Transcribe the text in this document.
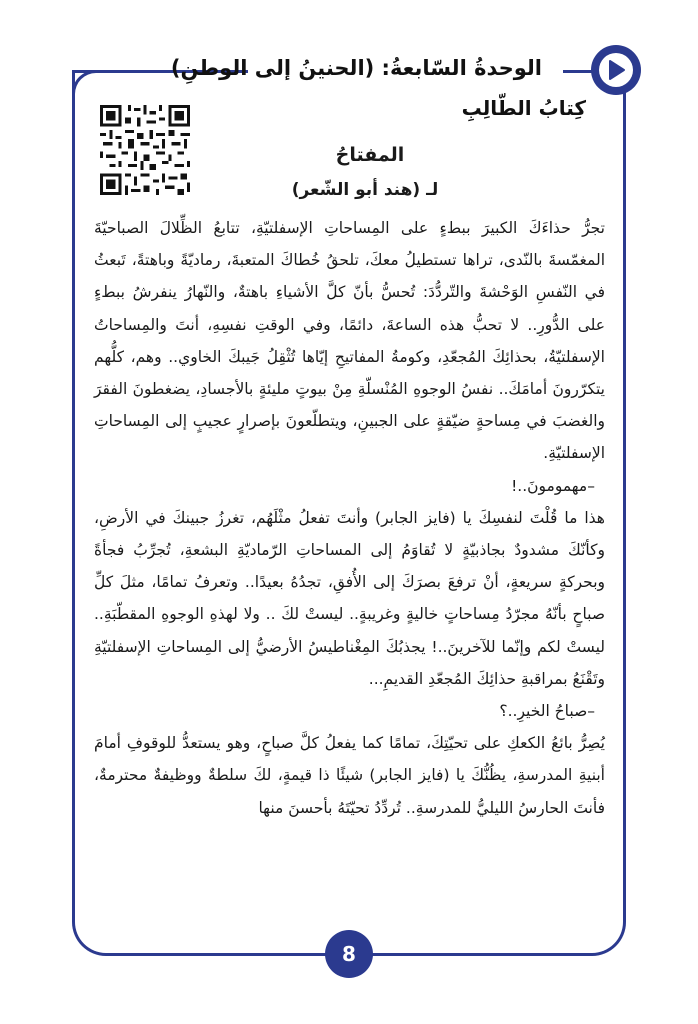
الوحدةُ السّابعةُ: (الحنينُ إلى الوطنِ)
كِتابُ الطّالِبِ
المفتاحُ
لـ (هند أبو الشّعر)

تجرُّ حذاءَكَ الكبيرَ ببطءٍ على المِساحاتِ الإسفلتيّةِ، تتابعُ الظِّلالَ الصباحيّةَ المغمّسةَ بالنّدى، تراها تستطيلُ معكَ، تلحقُ خُطاكَ المتعبةَ، رماديّةً وباهتةً، تَبعثُ في النّفسِ الوَحْشةَ والتّردُّدَ: تُحسُّ بأنّ كلَّ الأشياءِ باهتةٌ، والنّهارُ ينفرشُ ببطءٍ على الدُّورِ.. لا تحبُّ هذه الساعةَ، دائمًا، وفي الوقتِ نفسِهِ، أنتَ والمِساحاتُ الإسفلتيّةُ، بحذائِكَ المُجعّدِ، وكومةُ المفاتيحِ إيّاها تُثْقِلُ جَيبكَ الخاوي.. وهم، كلُّهم يتكرّرونَ أمامَكَ.. نفسُ الوجوهِ المُنْسلّةِ مِنْ بيوتٍ مليئةٍ بالأجسادِ، يضغطونَ الفقرَ والغضبَ في مِساحةٍ ضيّقةٍ على الجبينِ، ويتطلّعونَ بإصرارٍ عجيبٍ إلى المِساحاتِ الإسفلتيّةِ.

–مهمومونَ..!

هذا ما قُلْتَ لنفسِكَ يا (فايز الجابر) وأنتَ تفعلُ مثْلَهُم، تغرزُ جبينكَ في الأرضِ، وكأنّكَ مشدودٌ بجاذبيّةٍ لا تُقاوَمُ إلى المساحاتِ الرّماديّةِ البشعةِ، تُجرِّبُ فجأةً وبحركةٍ سريعةٍ، أنْ ترفعَ بصرَكَ إلى الأُفقِ، تجدُهُ بعيدًا.. وتعرفُ تمامًا، مثلَ كلِّ صباحٍ بأنّهُ مجرّدُ مِساحاتٍ خاليةٍ وغريبةٍ.. ليستْ لكَ .. ولا لهذهِ الوجوهِ المقطّبَةِ.. ليستْ لكم وإنّما للآخرينَ..! يجذبُكَ المِغْناطيسُ الأرضيُّ إلى المِساحاتِ الإسفلتيّةِ وتَقْنَعُ بمراقبةِ حذائِكَ المُجعّدِ القديمِ...

–صباحُ الخيرِ..؟

يُصِرُّ بائعُ الكعكِ على تحيّتِكَ، تمامًا كما يفعلُ كلَّ صباحٍ، وهو يستعدُّ للوقوفِ أمامَ أبنيةِ المدرسةِ، يظُنُّكَ يا (فايز الجابر) شيئًا ذا قيمةٍ، لكَ سلطةٌ ووظيفةٌ محترمةٌ، فأنتَ الحارسُ الليليُّ للمدرسةِ.. تُردِّدُ تحيّتَهُ بأحسنَ منها

8
